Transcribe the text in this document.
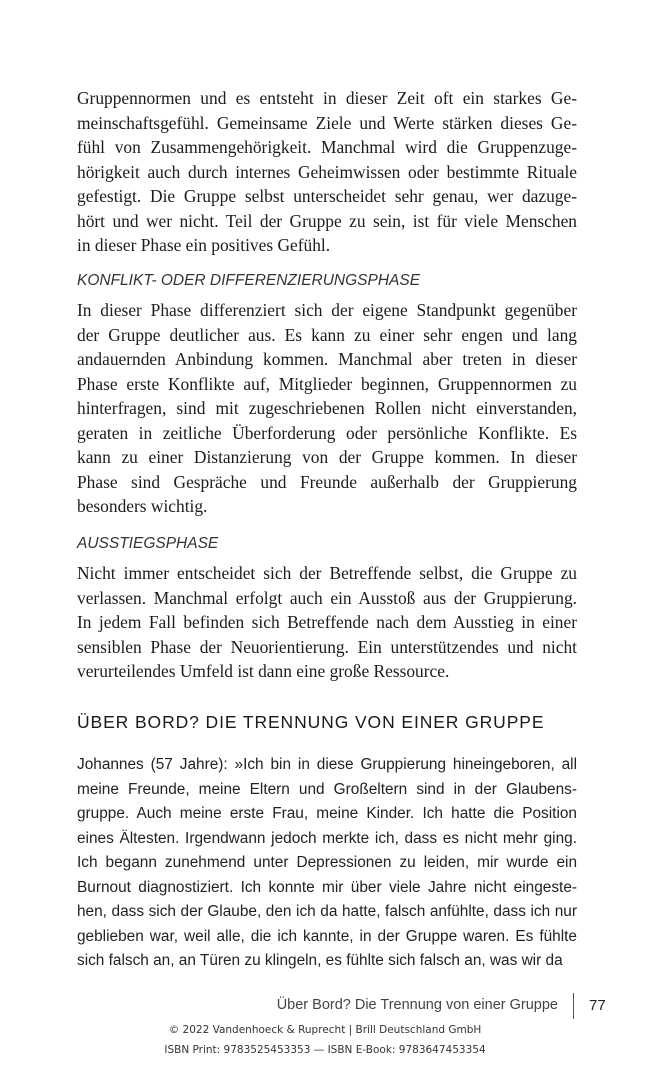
Gruppennormen und es entsteht in dieser Zeit oft ein starkes Ge-
meinschaftsgefühl. Gemeinsame Ziele und Werte stärken dieses Ge-
fühl von Zusammengehörigkeit. Manchmal wird die Gruppenzuge-
hörigkeit auch durch internes Geheimwissen oder bestimmte Rituale
gefestigt. Die Gruppe selbst unterscheidet sehr genau, wer dazuge-
hört und wer nicht. Teil der Gruppe zu sein, ist für viele Menschen
in dieser Phase ein positives Gefühl.

KONFLIKT- ODER DIFFERENZIERUNGSPHASE

In dieser Phase differenziert sich der eigene Standpunkt gegenüber
der Gruppe deutlicher aus. Es kann zu einer sehr engen und lang
andauernden Anbindung kommen. Manchmal aber treten in dieser
Phase erste Konflikte auf, Mitglieder beginnen, Gruppennormen zu
hinterfragen, sind mit zugeschriebenen Rollen nicht einverstanden,
geraten in zeitliche Überforderung oder persönliche Konflikte. Es
kann zu einer Distanzierung von der Gruppe kommen. In dieser
Phase sind Gespräche und Freunde außerhalb der Gruppierung
besonders wichtig.

AUSSTIEGSPHASE

Nicht immer entscheidet sich der Betreffende selbst, die Gruppe zu
verlassen. Manchmal erfolgt auch ein Ausstoß aus der Gruppierung.
In jedem Fall befinden sich Betreffende nach dem Ausstieg in einer
sensiblen Phase der Neuorientierung. Ein unterstützendes und nicht
verurteilendes Umfeld ist dann eine große Ressource.

ÜBER BORD? DIE TRENNUNG VON EINER GRUPPE

Johannes (57 Jahre): »Ich bin in diese Gruppierung hineingeboren, all
meine Freunde, meine Eltern und Großeltern sind in der Glaubens-
gruppe. Auch meine erste Frau, meine Kinder. Ich hatte die Position
eines Ältesten. Irgendwann jedoch merkte ich, dass es nicht mehr ging.
Ich begann zunehmend unter Depressionen zu leiden, mir wurde ein
Burnout diagnostiziert. Ich konnte mir über viele Jahre nicht eingeste-
hen, dass sich der Glaube, den ich da hatte, falsch anfühlte, dass ich nur
geblieben war, weil alle, die ich kannte, in der Gruppe waren. Es fühlte
sich falsch an, an Türen zu klingeln, es fühlte sich falsch an, was wir da

Über Bord? Die Trennung von einer Gruppe 77
© 2022 Vandenhoeck & Ruprecht | Brill Deutschland GmbH
ISBN Print: 9783525453353 — ISBN E-Book: 9783647453354
